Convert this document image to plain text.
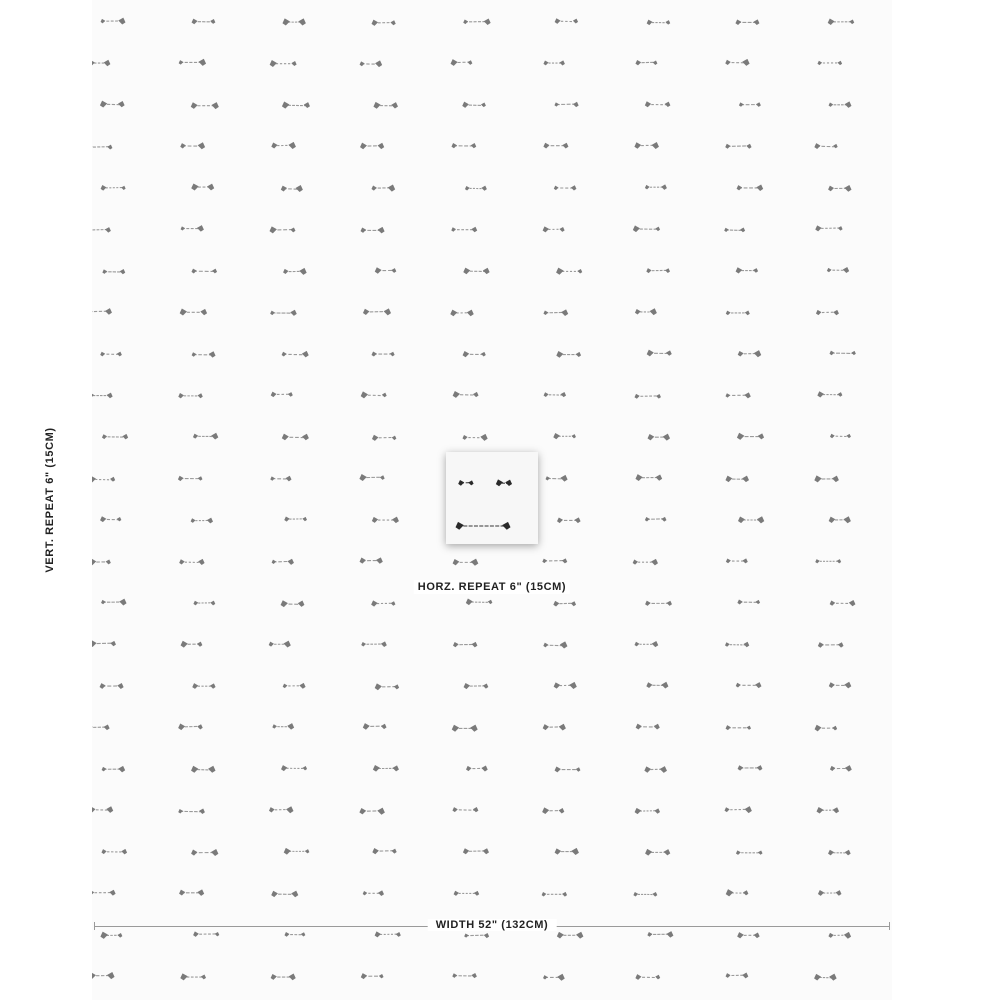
VERT. REPEAT 6" (15CM)
HORZ. REPEAT 6" (15CM)
WIDTH 52" (132CM)
